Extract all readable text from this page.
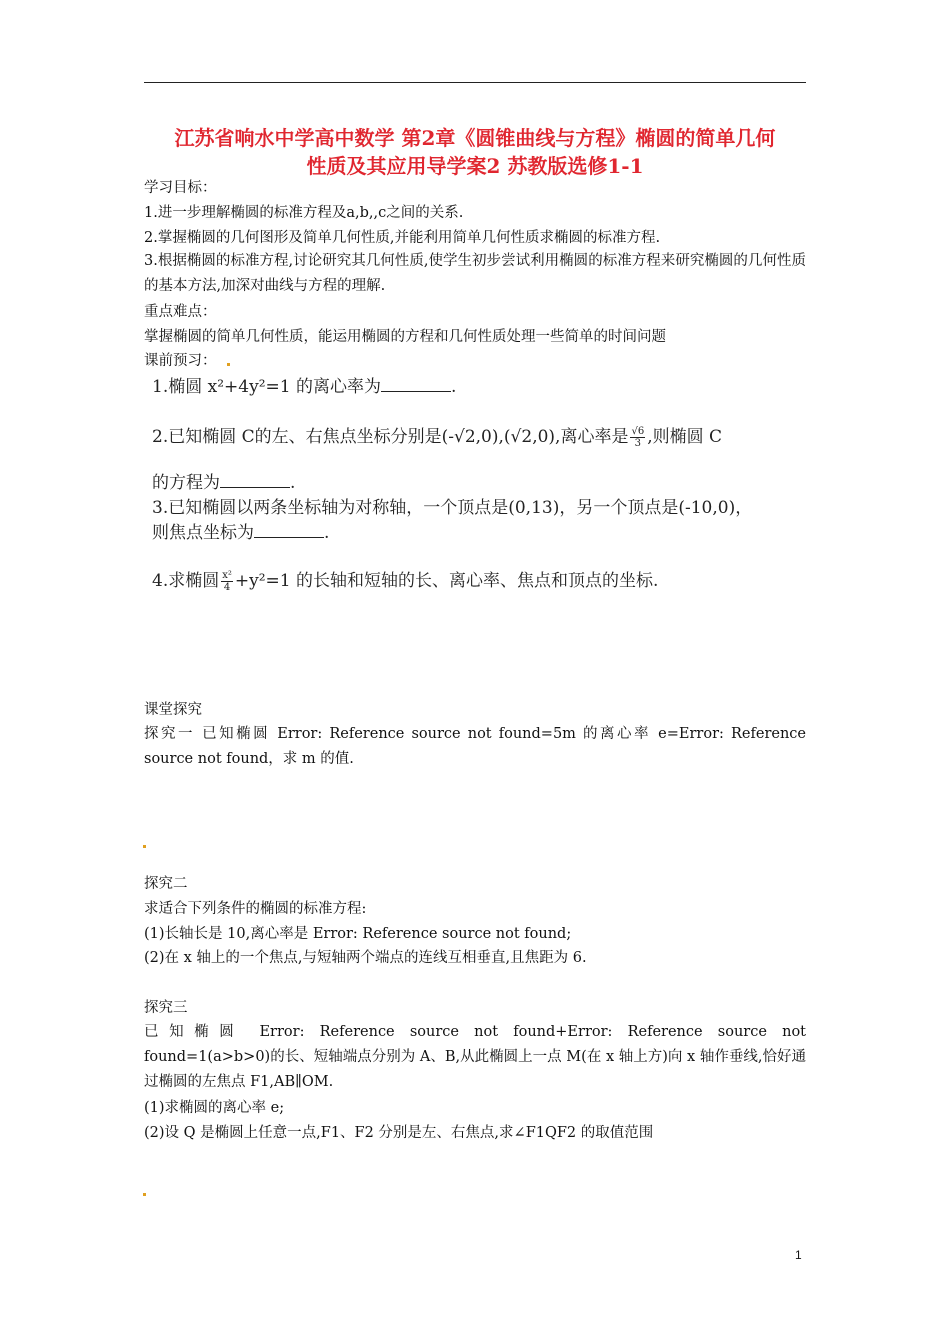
江苏省响水中学高中数学 第2章《圆锥曲线与方程》椭圆的简单几何
性质及其应用导学案2 苏教版选修1-1
学习目标：
1.进一步理解椭圆的标准方程及a,b,,c之间的关系.
2.掌握椭圆的几何图形及简单几何性质,并能利用简单几何性质求椭圆的标准方程.
3.根据椭圆的标准方程,讨论研究其几何性质,使学生初步尝试利用椭圆的标准方程来研究椭圆的几何性质的基本方法,加深对曲线与方程的理解.
重点难点：
掌握椭圆的简单几何性质，能运用椭圆的方程和几何性质处理一些简单的时间问题
课前预习：
1.椭圆 x²+4y²=1 的离心率为	.
2.已知椭圆 C的左、右焦点坐标分别是(-√2,0),(√2,0),离心率是 $\frac{√6}{3}$ ,则椭圆 C
的方程为	.
3.已知椭圆以两条坐标轴为对称轴，一个顶点是(0,13)，另一个顶点是(-10,0)，
则焦点坐标为	.
4.求椭圆 $\frac{\text{x²}}{4} +y^2=1$ 的长轴和短轴的长、离心率、焦点和顶点的坐标.
课堂探究
探究一 已知椭圆 Error: Reference source not found=5m 的离心率 e=Error: Reference source not found，求 m 的值.
探究二
求适合下列条件的椭圆的标准方程:
(1)长轴长是 10,离心率是 Error: Reference source not found;
(2)在 x 轴上的一个焦点,与短轴两个端点的连线互相垂直,且焦距为 6.
探究三
已知椭圆 Error: Reference source not found+Error: Reference source not found=1(a>b>0)的长、短轴端点分别为 A、B,从此椭圆上一点 M(在 x 轴上方)向 x 轴作垂线,恰好通过椭圆的左焦点 F1,AB∥OM.
(1)求椭圆的离心率 e;
(2)设 Q 是椭圆上任意一点,F1、F2 分别是左、右焦点,求∠F1QF2 的取值范围
1
